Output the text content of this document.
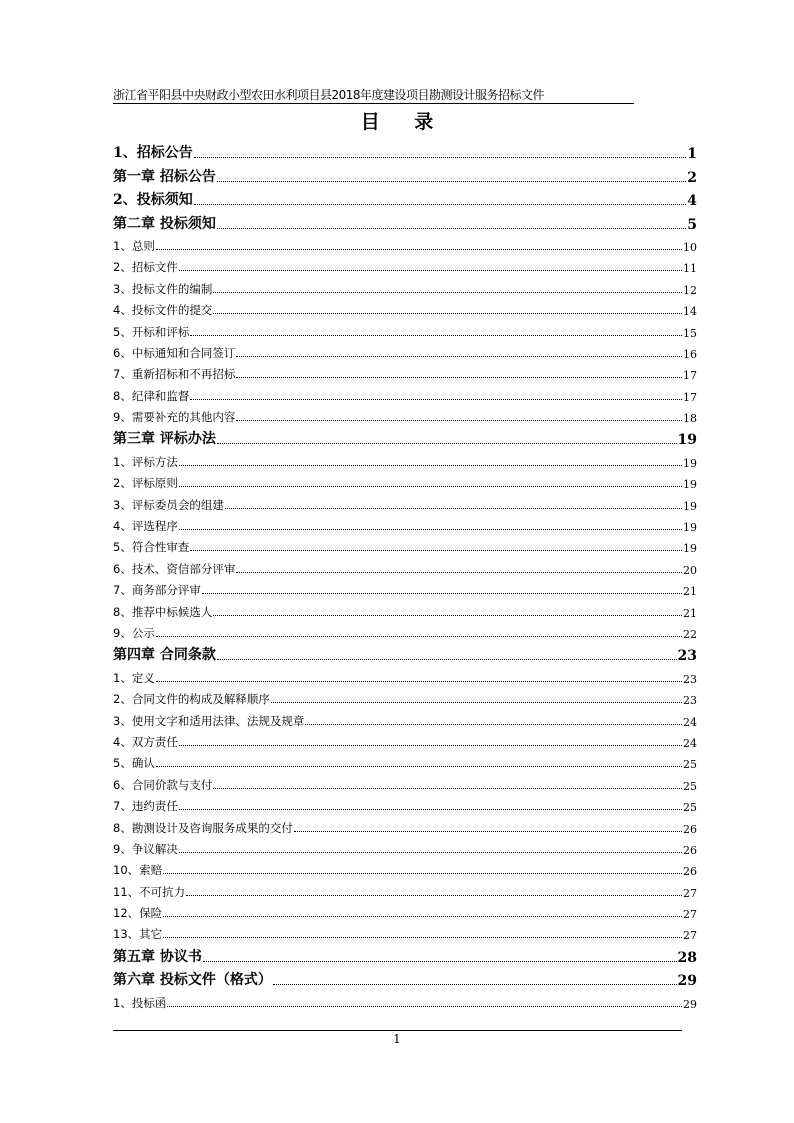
浙江省平阳县中央财政小型农田水利项目县2018年度建设项目勘测设计服务招标文件
目 录
1、招标公告	1
第一章 招标公告	2
2、投标须知	4
第二章 投标须知	5
1、总则	10
2、招标文件	11
3、投标文件的编制	12
4、投标文件的提交	14
5、开标和评标	15
6、中标通知和合同签订	16
7、重新招标和不再招标	17
8、纪律和监督	17
9、需要补充的其他内容	18
第三章 评标办法	19
1、评标方法	19
2、评标原则	19
3、评标委员会的组建	19
4、评选程序	19
5、符合性审查	19
6、技术、资信部分评审	20
7、商务部分评审	21
8、推荐中标候选人	21
9、公示	22
第四章 合同条款	23
1、定义	23
2、合同文件的构成及解释顺序	23
3、使用文字和适用法律、法规及规章	24
4、双方责任	24
5、确认	25
6、合同价款与支付	25
7、违约责任	25
8、勘测设计及咨询服务成果的交付	26
9、争议解决	26
10、索赔	26
11、不可抗力	27
12、保险	27
13、其它	27
第五章 协议书	28
第六章 投标文件（格式）	29
1、投标函	29
1
